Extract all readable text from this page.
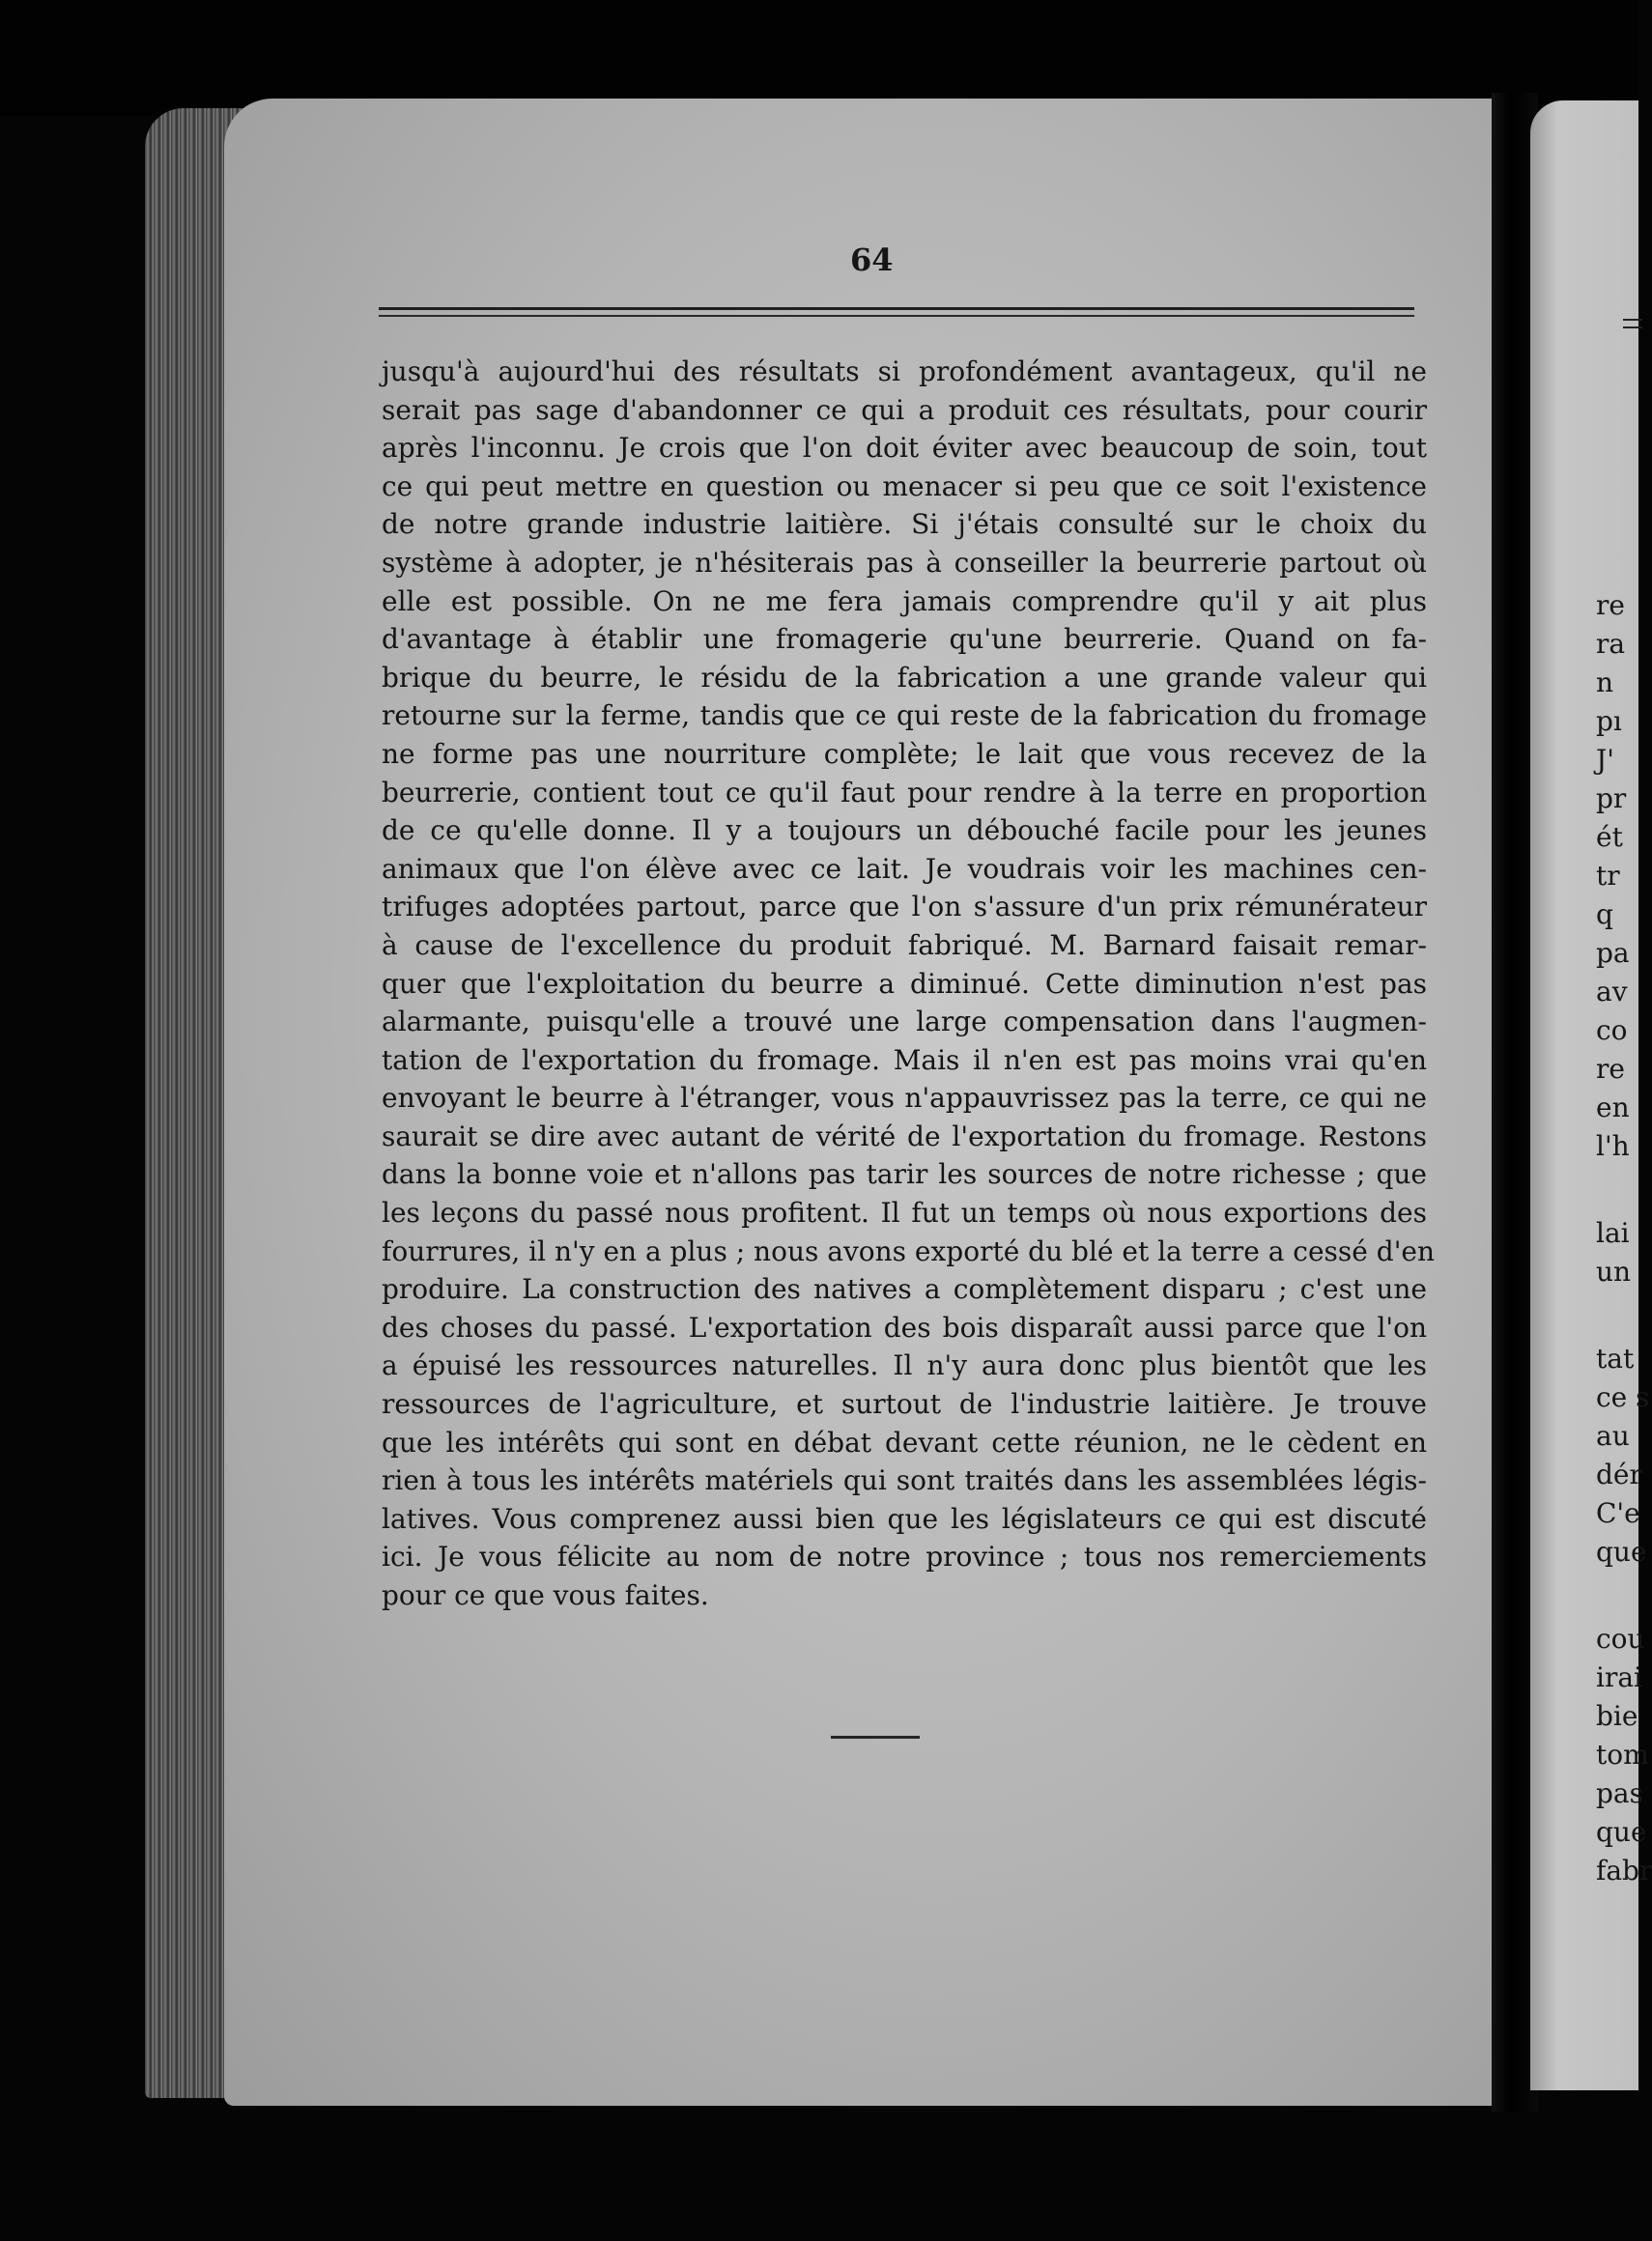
64
jusqu'à aujourd'hui des résultats si profondément avantageux, qu'il ne
serait pas sage d'abandonner ce qui a produit ces résultats, pour courir
après l'inconnu. Je crois que l'on doit éviter avec beaucoup de soin, tout
ce qui peut mettre en question ou menacer si peu que ce soit l'existence
de notre grande industrie laitière. Si j'étais consulté sur le choix du
système à adopter, je n'hésiterais pas à conseiller la beurrerie partout où
elle est possible. On ne me fera jamais comprendre qu'il y ait plus
d'avantage à établir une fromagerie qu'une beurrerie. Quand on fa-
brique du beurre, le résidu de la fabrication a une grande valeur qui
retourne sur la ferme, tandis que ce qui reste de la fabrication du fromage
ne forme pas une nourriture complète; le lait que vous recevez de la
beurrerie, contient tout ce qu'il faut pour rendre à la terre en proportion
de ce qu'elle donne. Il y a toujours un débouché facile pour les jeunes
animaux que l'on élève avec ce lait. Je voudrais voir les machines cen-
trifuges adoptées partout, parce que l'on s'assure d'un prix rémunérateur
à cause de l'excellence du produit fabriqué. M. Barnard faisait remar-
quer que l'exploitation du beurre a diminué. Cette diminution n'est pas
alarmante, puisqu'elle a trouvé une large compensation dans l'augmen-
tation de l'exportation du fromage. Mais il n'en est pas moins vrai qu'en
envoyant le beurre à l'étranger, vous n'appauvrissez pas la terre, ce qui ne
saurait se dire avec autant de vérité de l'exportation du fromage. Restons
dans la bonne voie et n'allons pas tarir les sources de notre richesse ; que
les leçons du passé nous profitent. Il fut un temps où nous exportions des
fourrures, il n'y en a plus ; nous avons exporté du blé et la terre a cessé d'en
produire. La construction des natives a complètement disparu ; c'est une
des choses du passé. L'exportation des bois disparaît aussi parce que l'on
a épuisé les ressources naturelles. Il n'y aura donc plus bientôt que les
ressources de l'agriculture, et surtout de l'industrie laitière. Je trouve
que les intérêts qui sont en débat devant cette réunion, ne le cèdent en
rien à tous les intérêts matériels qui sont traités dans les assemblées légis-
latives. Vous comprenez aussi bien que les législateurs ce qui est discuté
ici. Je vous félicite au nom de notre province ; tous nos remerciements
pour ce que vous faites.
re
ra
n
pı
J'
pr
ét
tr
q
pa
av
co
re
en
l'h
lai
un
tat
ce s
au
dér
C'e
que
cou
irai
bie
tom
pas
que
fabr
